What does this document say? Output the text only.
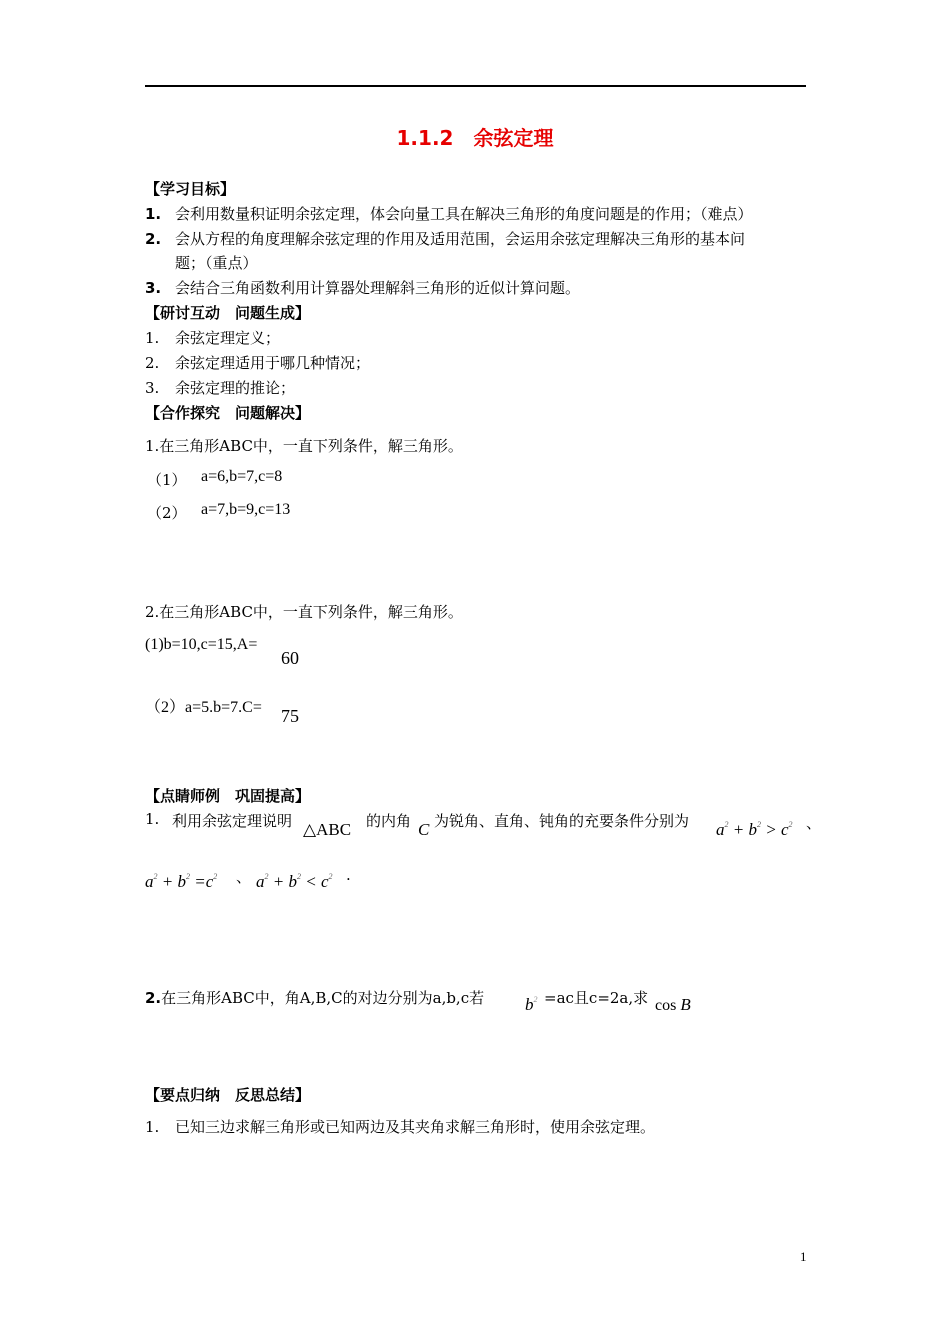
1.1.2　余弦定理
【学习目标】
1. 会利用数量积证明余弦定理，体会向量工具在解决三角形的角度问题是的作用；（难点）
2. 会从方程的角度理解余弦定理的作用及适用范围，会运用余弦定理解决三角形的基本问
题；（重点）
3. 会结合三角函数利用计算器处理解斜三角形的近似计算问题。
【研讨互动　问题生成】
1. 余弦定理定义；
2. 余弦定理适用于哪几种情况；
3. 余弦定理的推论；
【合作探究　问题解决】
1.在三角形ABC中，一直下列条件，解三角形。
（1） a=6,b=7,c=8
（2） a=7,b=9,c=13
2.在三角形ABC中，一直下列条件，解三角形。
(1)b=10,c=15,A=
60
（2）a=5.b=7.C= 75
【点睛师例　巩固提高】
1. 利用余弦定理说明 △ABC 的内角 C 为锐角、直角、钝角的充要条件分别为 $a^2 + b^2 > c^2$ 、
$a^2 + b^2 =c^2$ 、 $a^2 + b^2 < c^2$ .
2.在三角形ABC中，角A,B,C的对边分别为a,b,c若 $b^2 =ac$且c=2a,求 cos B
【要点归纳　反思总结】
1. 已知三边求解三角形或已知两边及其夹角求解三角形时，使用余弦定理。
1
